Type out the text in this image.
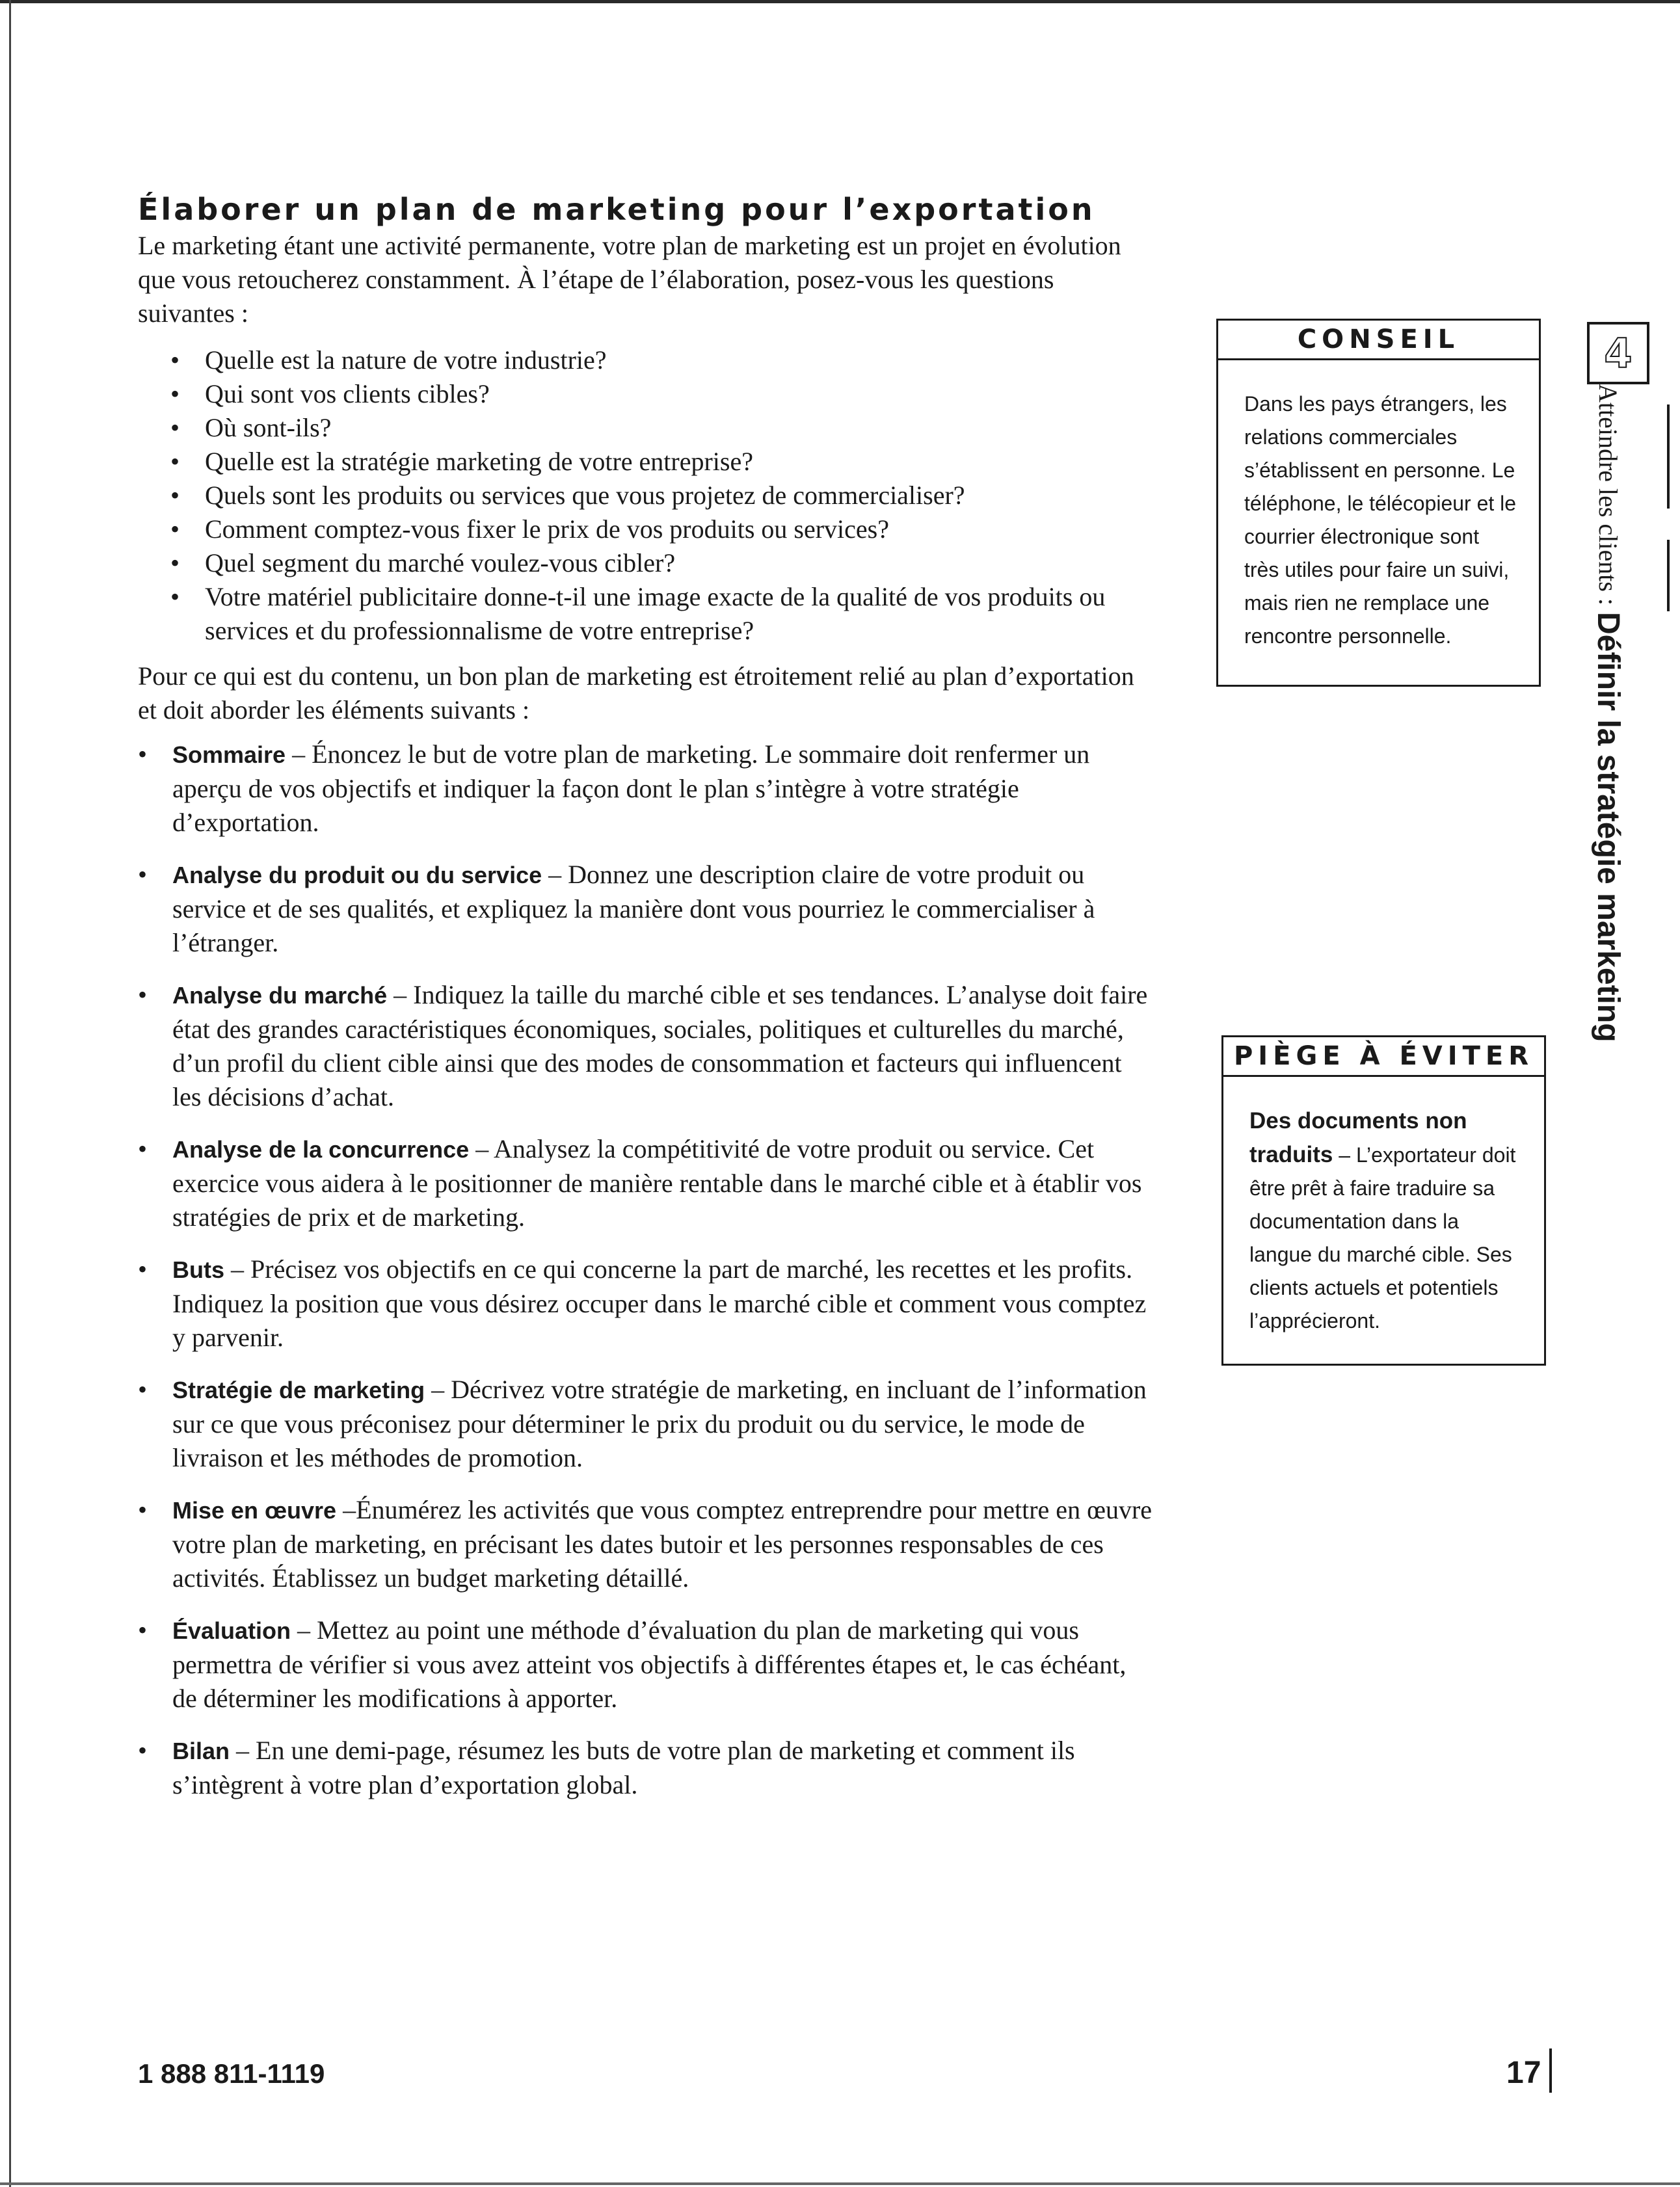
Élaborer un plan de marketing pour l’exportation

Le marketing étant une activité permanente, votre plan de marketing est un projet en évolution que vous retoucherez constamment. À l’étape de l’élaboration, posez-vous les questions suivantes :

• Quelle est la nature de votre industrie?
• Qui sont vos clients cibles?
• Où sont-ils?
• Quelle est la stratégie marketing de votre entreprise?
• Quels sont les produits ou services que vous projetez de commercialiser?
• Comment comptez-vous fixer le prix de vos produits ou services?
• Quel segment du marché voulez-vous cibler?
• Votre matériel publicitaire donne-t-il une image exacte de la qualité de vos produits ou services et du professionnalisme de votre entreprise?

Pour ce qui est du contenu, un bon plan de marketing est étroitement relié au plan d’exportation et doit aborder les éléments suivants :

• Sommaire – Énoncez le but de votre plan de marketing. Le sommaire doit renfermer un aperçu de vos objectifs et indiquer la façon dont le plan s’intègre à votre stratégie d’exportation.
• Analyse du produit ou du service – Donnez une description claire de votre produit ou service et de ses qualités, et expliquez la manière dont vous pourriez le commercialiser à l’étranger.
• Analyse du marché – Indiquez la taille du marché cible et ses tendances. L’analyse doit faire état des grandes caractéristiques économiques, sociales, politiques et culturelles du marché, d’un profil du client cible ainsi que des modes de consommation et facteurs qui influencent les décisions d’achat.
• Analyse de la concurrence – Analysez la compétitivité de votre produit ou service. Cet exercice vous aidera à le positionner de manière rentable dans le marché cible et à établir vos stratégies de prix et de marketing.
• Buts – Précisez vos objectifs en ce qui concerne la part de marché, les recettes et les profits. Indiquez la position que vous désirez occuper dans le marché cible et comment vous comptez y parvenir.
• Stratégie de marketing – Décrivez votre stratégie de marketing, en incluant de l’information sur ce que vous préconisez pour déterminer le prix du produit ou du service, le mode de livraison et les méthodes de promotion.
• Mise en œuvre –Énumérez les activités que vous comptez entreprendre pour mettre en œuvre votre plan de marketing, en précisant les dates butoir et les personnes responsables de ces activités. Établissez un budget marketing détaillé.
• Évaluation – Mettez au point une méthode d’évaluation du plan de marketing qui vous permettra de vérifier si vous avez atteint vos objectifs à différentes étapes et, le cas échéant, de déterminer les modifications à apporter.
• Bilan – En une demi-page, résumez les buts de votre plan de marketing et comment ils s’intègrent à votre plan d’exportation global.
CONSEIL
Dans les pays étrangers, les relations commerciales s’établissent en personne. Le téléphone, le télécopieur et le courrier électronique sont très utiles pour faire un suivi, mais rien ne remplace une rencontre personnelle.
PIÈGE À ÉVITER
Des documents non traduits – L’exportateur doit être prêt à faire traduire sa documentation dans la langue du marché cible. Ses clients actuels et potentiels l’apprécieront.
4
Atteindre les clients : Définir la stratégie marketing
1 888 811-1119	17
